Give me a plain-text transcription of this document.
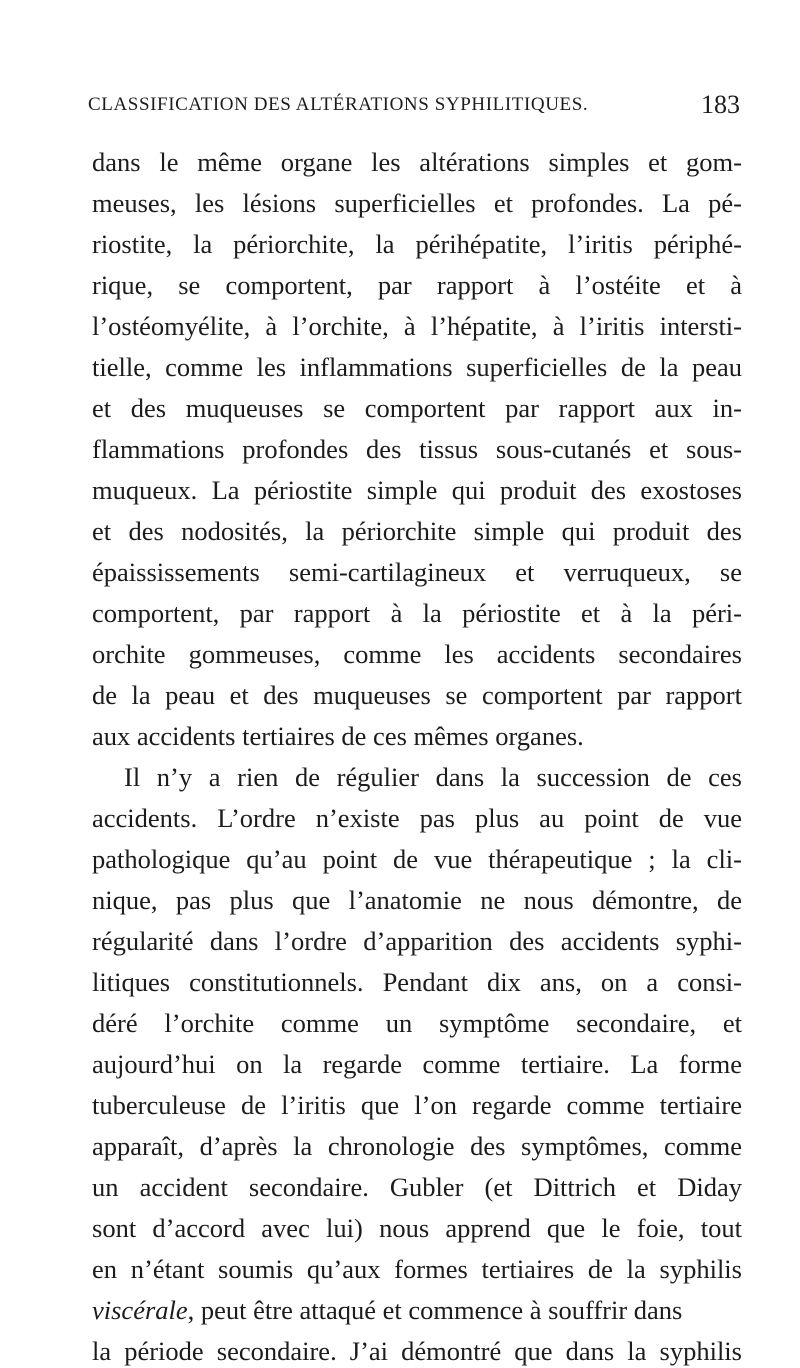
CLASSIFICATION DES ALTÉRATIONS SYPHILITIQUES.	183
dans le même organe les altérations simples et gom-
meuses, les lésions superficielles et profondes. La pé-
riostite, la périorchite, la périhépatite, l’iritis périphé-
rique, se comportent, par rapport à l’ostéite et à
l’ostéomyélite, à l’orchite, à l’hépatite, à l’iritis intersti-
tielle, comme les inflammations superficielles de la peau
et des muqueuses se comportent par rapport aux in-
flammations profondes des tissus sous-cutanés et sous-
muqueux. La périostite simple qui produit des exostoses
et des nodosités, la périorchite simple qui produit des
épaississements semi-cartilagineux et verruqueux, se
comportent, par rapport à la périostite et à la péri-
orchite gommeuses, comme les accidents secondaires
de la peau et des muqueuses se comportent par rapport
aux accidents tertiaires de ces mêmes organes.
Il n’y a rien de régulier dans la succession de ces
accidents. L’ordre n’existe pas plus au point de vue
pathologique qu’au point de vue thérapeutique ; la cli-
nique, pas plus que l’anatomie ne nous démontre, de
régularité dans l’ordre d’apparition des accidents syphi-
litiques constitutionnels. Pendant dix ans, on a consi-
déré l’orchite comme un symptôme secondaire, et
aujourd’hui on la regarde comme tertiaire. La forme
tuberculeuse de l’iritis que l’on regarde comme tertiaire
apparaît, d’après la chronologie des symptômes, comme
un accident secondaire. Gubler (et Dittrich et Diday
sont d’accord avec lui) nous apprend que le foie, tout
en n’étant soumis qu’aux formes tertiaires de la syphilis
viscérale, peut être attaqué et commence à souffrir dans
la période secondaire. J’ai démontré que dans la syphilis
